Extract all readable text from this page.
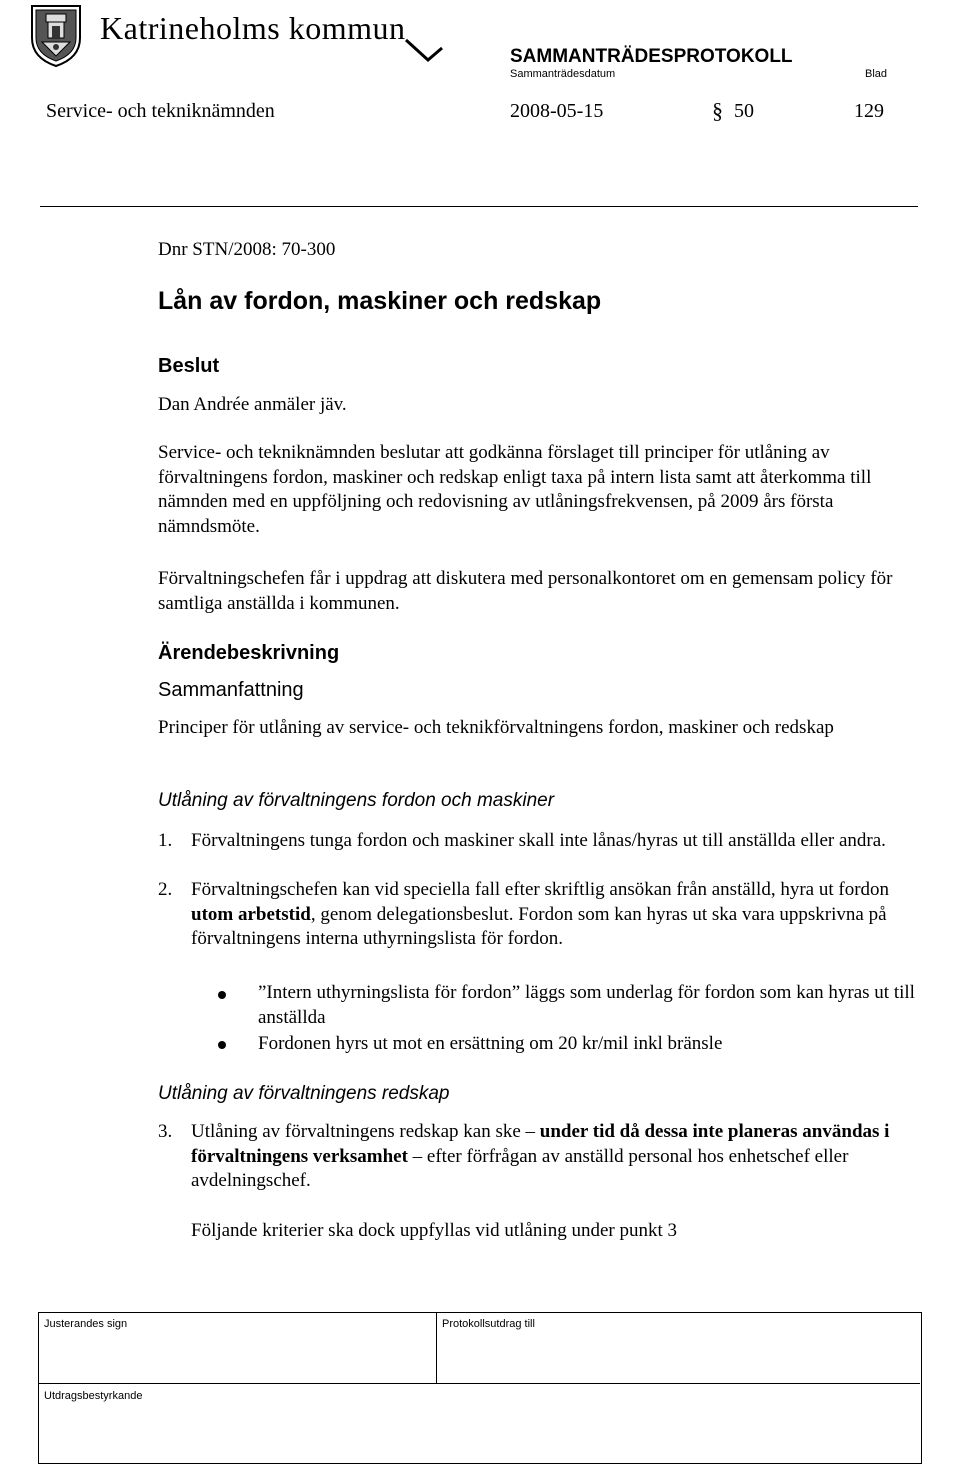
Katrineholms kommun
SAMMANTRÄDESPROTOKOLL
Sammanträdesdatum	Blad
Service- och tekniknämnden	2008-05-15	§ 50	129
Dnr STN/2008: 70-300
Lån av fordon, maskiner och redskap
Beslut
Dan Andrée anmäler jäv.

Service- och tekniknämnden beslutar att godkänna förslaget till principer för utlåning av förvaltningens fordon, maskiner och redskap enligt taxa på intern lista samt att återkomma till nämnden med en uppföljning och redovisning av utlåningsfrekvensen, på 2009 års första nämndsmöte.

Förvaltningschefen får i uppdrag att diskutera med personalkontoret om en gemensam policy för samtliga anställda i kommunen.

Ärendebeskrivning
Sammanfattning

Principer för utlåning av service- och teknikförvaltningens fordon, maskiner och redskap

Utlåning av förvaltningens fordon och maskiner
1. Förvaltningens tunga fordon och maskiner skall inte lånas/hyras ut till anställda eller andra.
2. Förvaltningschefen kan vid speciella fall efter skriftlig ansökan från anställd, hyra ut fordon utom arbetstid, genom delegationsbeslut. Fordon som kan hyras ut ska vara uppskrivna på förvaltningens interna uthyrningslista för fordon.
”Intern uthyrningslista för fordon” läggs som underlag för fordon som kan hyras ut till anställda
Fordonen hyrs ut mot en ersättning om 20 kr/mil inkl bränsle
Utlåning av förvaltningens redskap
3. Utlåning av förvaltningens redskap kan ske – under tid då dessa inte planeras användas i förvaltningens verksamhet – efter förfrågan av anställd personal hos enhetschef eller avdelningschef.
Följande kriterier ska dock uppfyllas vid utlåning under punkt 3
Justerandes sign	Protokollsutdrag till
Utdragsbestyrkande
